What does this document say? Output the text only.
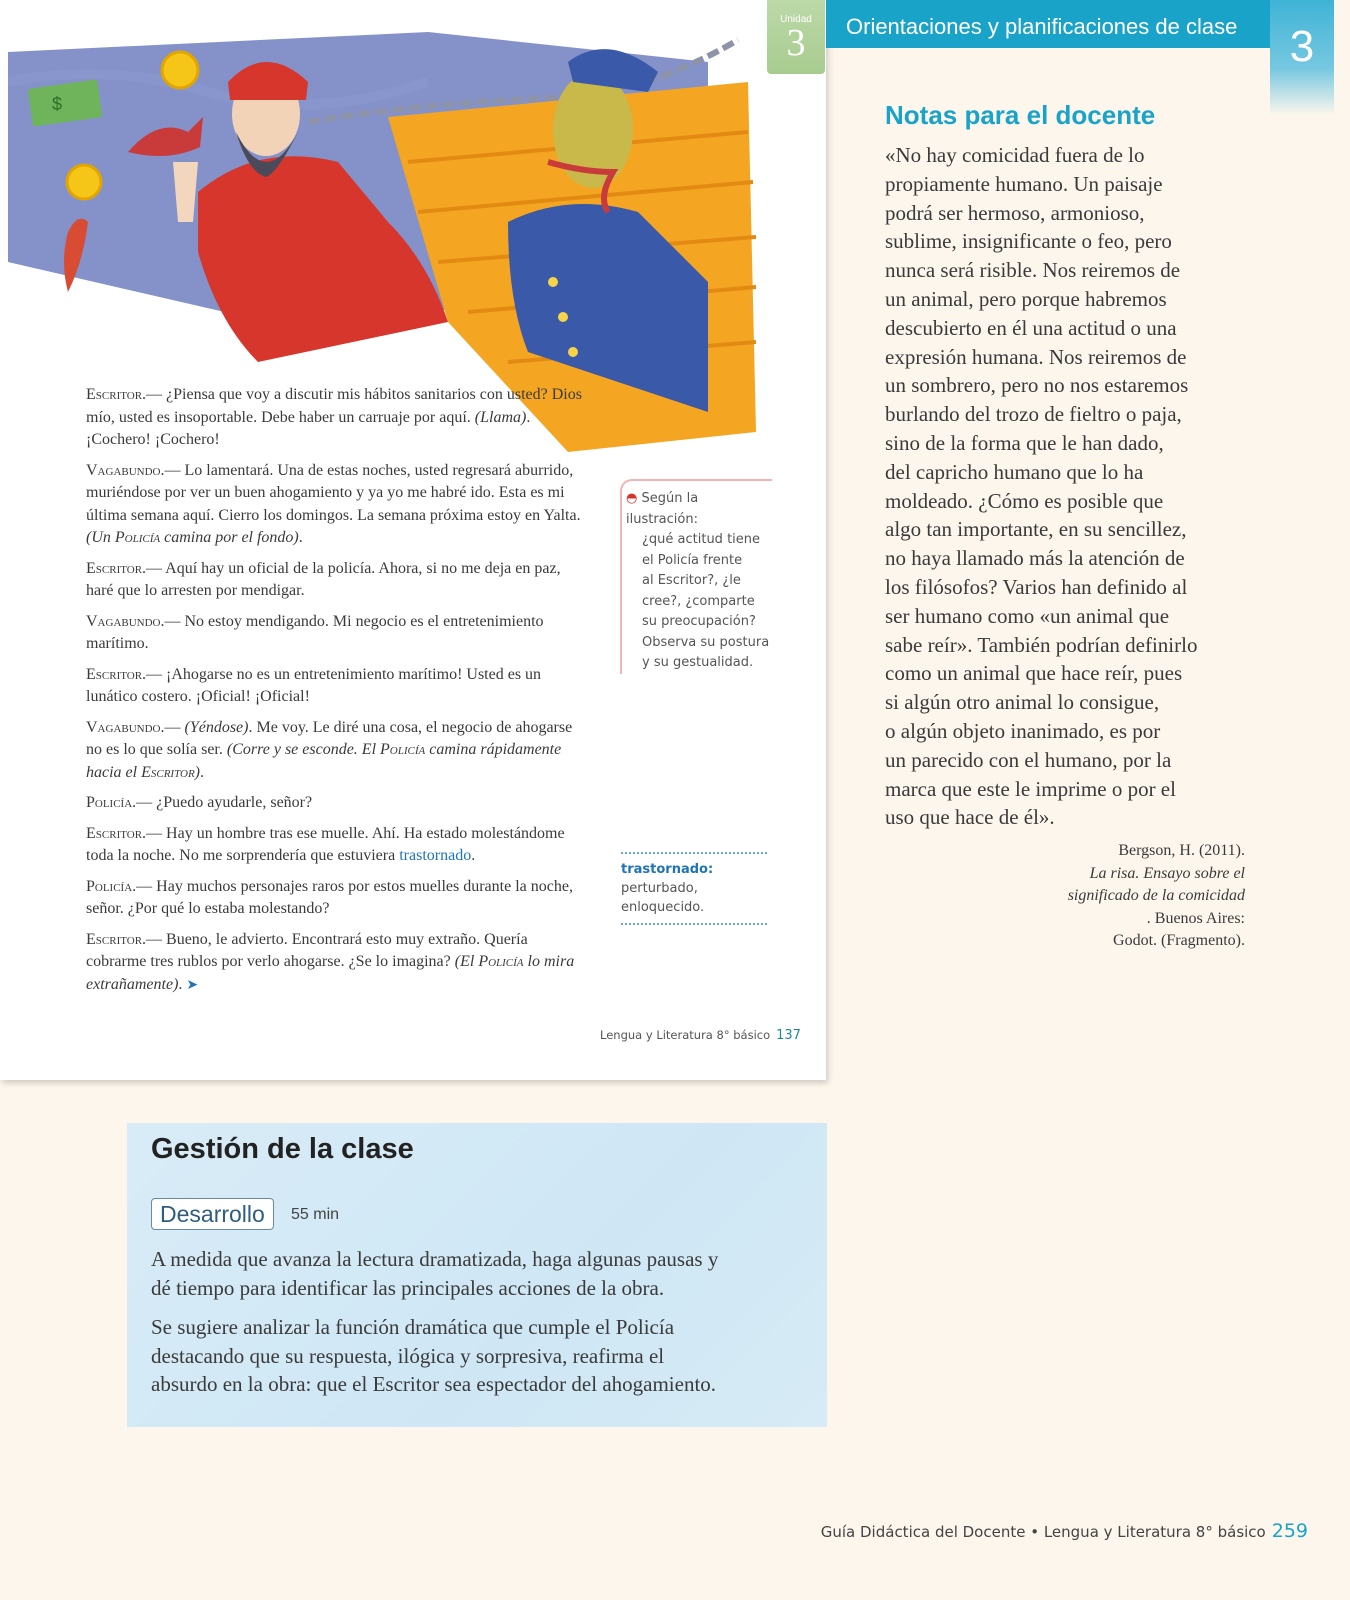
$
Unidad
3

Escritor.— ¿Piensa que voy a discutir mis hábitos sanitarios con usted? Dios mío, usted es insoportable. Debe haber un carruaje por aquí. (Llama). ¡Cochero! ¡Cochero!

Vagabundo.— Lo lamentará. Una de estas noches, usted regresará aburrido, muriéndose por ver un buen ahogamiento y ya yo me habré ido. Esta es mi última semana aquí. Cierro los domingos. La semana próxima estoy en Yalta. (Un Policía camina por el fondo).

Escritor.— Aquí hay un oficial de la policía. Ahora, si no me deja en paz, haré que lo arresten por mendigar.

Vagabundo.— No estoy mendigando. Mi negocio es el entretenimiento marítimo.

Escritor.— ¡Ahogarse no es un entretenimiento marítimo! Usted es un lunático costero. ¡Oficial! ¡Oficial!

Vagabundo.— (Yéndose). Me voy. Le diré una cosa, el negocio de ahogarse no es lo que solía ser. (Corre y se esconde. El Policía camina rápidamente hacia el Escritor).

Policía.— ¿Puedo ayudarle, señor?

Escritor.— Hay un hombre tras ese muelle. Ahí. Ha estado molestándome toda la noche. No me sorprendería que estuviera trastornado.

Policía.— Hay muchos personajes raros por estos muelles durante la noche, señor. ¿Por qué lo estaba molestando?

Escritor.— Bueno, le advierto. Encontrará esto muy extraño. Quería cobrarme tres rublos por verlo ahogarse. ¿Se lo imagina? (El Policía lo mira extrañamente). ➤

◓ Según la ilustración:
¿qué actitud tiene
el Policía frente
al Escritor?, ¿le
cree?, ¿comparte
su preocupación?
Observa su postura
y su gestualidad.
trastornado:
perturbado,
enloquecido.
Lengua y Literatura 8° básico 137
Orientaciones y planificaciones de clase	3
Notas para el docente
«No hay comicidad fuera de lo
propiamente humano. Un paisaje
podrá ser hermoso, armonioso,
sublime, insignificante o feo, pero
nunca será risible. Nos reiremos de
un animal, pero porque habremos
descubierto en él una actitud o una
expresión humana. Nos reiremos de
un sombrero, pero no nos estaremos
burlando del trozo de fieltro o paja,
sino de la forma que le han dado,
del capricho humano que lo ha
moldeado. ¿Cómo es posible que
algo tan importante, en su sencillez,
no haya llamado más la atención de
los filósofos? Varios han definido al
ser humano como «un animal que
sabe reír». También podrían definirlo
como un animal que hace reír, pues
si algún otro animal lo consigue,
o algún objeto inanimado, es por
un parecido con el humano, por la
marca que este le imprime o por el
uso que hace de él».
Bergson, H. (2011).
La risa. Ensayo sobre el
significado de la comicidad
. Buenos Aires:
Godot. (Fragmento).
Gestión de la clase
Desarrollo	55 min
A medida que avanza la lectura dramatizada, haga algunas pausas y
dé tiempo para identificar las principales acciones de la obra.
Se sugiere analizar la función dramática que cumple el Policía
destacando que su respuesta, ilógica y sorpresiva, reafirma el
absurdo en la obra: que el Escritor sea espectador del ahogamiento.
Guía Didáctica del Docente • Lengua y Literatura 8° básico 259
